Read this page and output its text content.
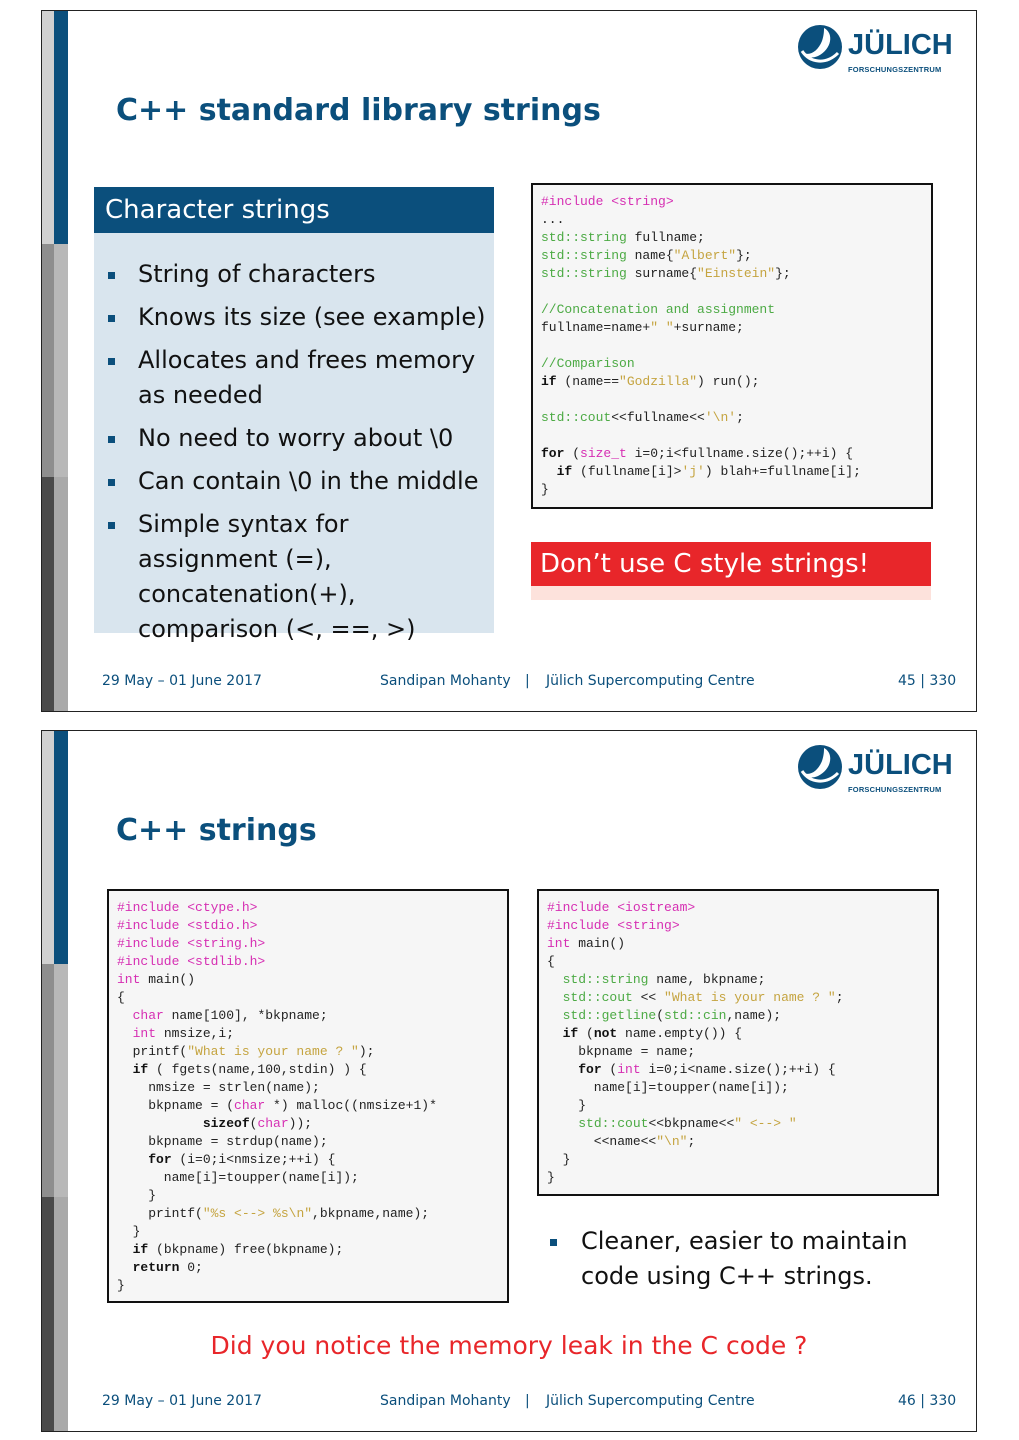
JÜLICH
FORSCHUNGSZENTRUM
C++ standard library strings
Character strings
String of characters
Knows its size (see example)
Allocates and frees memory as needed
No need to worry about \0
Can contain \0 in the middle
Simple syntax for assignment (=), concatenation(+), comparison (<, ==, >)
#include <string>
...
std::string fullname;
std::string name{"Albert"};
std::string surname{"Einstein"};

//Concatenation and assignment
fullname=name+" "+surname;

//Comparison
if (name=="Godzilla") run();

std::cout<<fullname<<'\n';

for (size_t i=0;i<fullname.size();++i) {
if (fullname[i]>'j') blah+=fullname[i];
}
Don’t use C style strings!
29 May – 01 June 2017	Sandipan Mohanty | Jülich Supercomputing Centre	45 | 330
JÜLICH
FORSCHUNGSZENTRUM
C++ strings
#include <ctype.h>
#include <stdio.h>
#include <string.h>
#include <stdlib.h>
int main()
{
char name[100], *bkpname;
int nmsize,i;
printf("What is your name ? ");
if ( fgets(name,100,stdin) ) {
nmsize = strlen(name);
bkpname = (char *) malloc((nmsize+1)*
sizeof(char));
bkpname = strdup(name);
for (i=0;i<nmsize;++i) {
name[i]=toupper(name[i]);
}
printf("%s <--> %s\n",bkpname,name);
}
if (bkpname) free(bkpname);
return 0;
}
#include <iostream>
#include <string>
int main()
{
std::string name, bkpname;
std::cout << "What is your name ? ";
std::getline(std::cin,name);
if (not name.empty()) {
bkpname = name;
for (int i=0;i<name.size();++i) {
name[i]=toupper(name[i]);
}
std::cout<<bkpname<<" <--> "
<<name<<"\n";
}
}
Cleaner, easier to maintain code using C++ strings.
Did you notice the memory leak in the C code ?
29 May – 01 June 2017	Sandipan Mohanty | Jülich Supercomputing Centre	46 | 330
